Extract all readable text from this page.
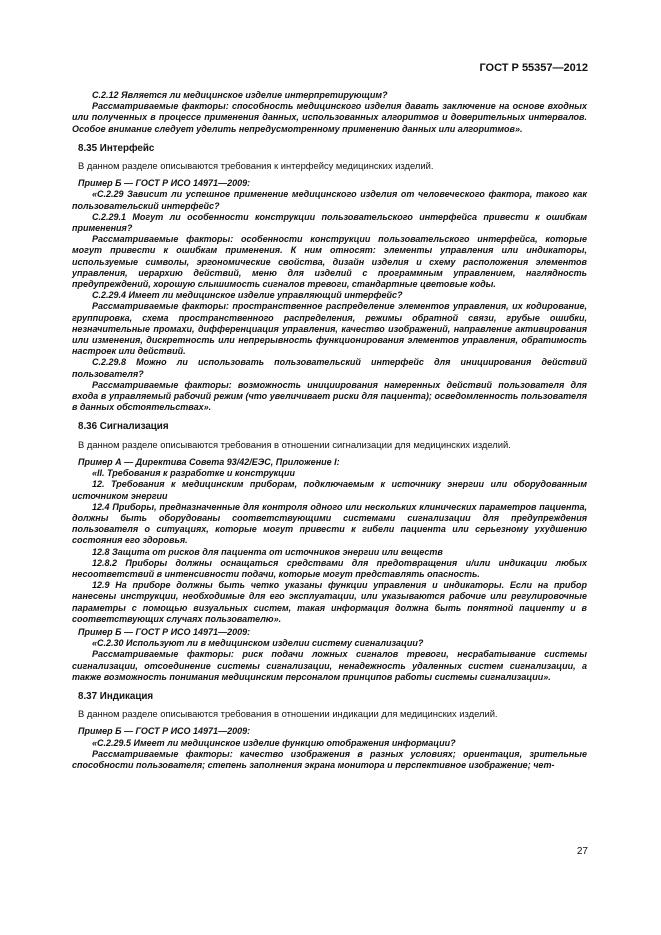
ГОСТ Р 55357—2012

С.2.12 Является ли медицинское изделие интерпретирующим?

Рассматриваемые факторы: способность медицинского изделия давать заключение на основе входных или полученных в процессе применения данных, использованных алгоритмов и доверительных интервалов. Особое внимание следует уделить непредусмотренному применению данных или алгоритмов».

8.35 Интерфейс

В данном разделе описываются требования к интерфейсу медицинских изделий.

Пример Б — ГОСТ Р ИСО 14971—2009:

«С.2.29 Зависит ли успешное применение медицинского изделия от человеческого фактора, такого как пользовательский интерфейс?

С.2.29.1 Могут ли особенности конструкции пользовательского интерфейса привести к ошибкам применения?

Рассматриваемые факторы: особенности конструкции пользовательского интерфейса, которые могут привести к ошибкам применения. К ним относят: элементы управления или индикаторы, используемые символы, эргономические свойства, дизайн изделия и схему расположения элементов управления, иерархию действий, меню для изделий с программным управлением, наглядность предупреждений, хорошую слышимость сигналов тревоги, стандартные цветовые коды.

С.2.29.4 Имеет ли медицинское изделие управляющий интерфейс?

Рассматриваемые факторы: пространственное распределение элементов управления, их кодирование, группировка, схема пространственного распределения, режимы обратной связи, грубые ошибки, незначительные промахи, дифференциация управления, качество изображений, направление активирования или изменения, дискретность или непрерывность функционирования элементов управления, обратимость настроек или действий.

С.2.29.8 Можно ли использовать пользовательский интерфейс для инициирования действий пользователя?

Рассматриваемые факторы: возможность инициирования намеренных действий пользователя для входа в управляемый рабочий режим (что увеличивает риски для пациента); осведомленность пользователя в данных обстоятельствах».

8.36 Сигнализация

В данном разделе описываются требования в отношении сигнализации для медицинских изделий.

Пример А — Директива Совета 93/42/ЕЭС, Приложение I:

«II. Требования к разработке и конструкции

12. Требования к медицинским приборам, подключаемым к источнику энергии или оборудованным источником энергии

12.4 Приборы, предназначенные для контроля одного или нескольких клинических параметров пациента, должны быть оборудованы соответствующими системами сигнализации для предупреждения пользователя о ситуациях, которые могут привести к гибели пациента или серьезному ухудшению состояния его здоровья.

12.8 Защита от рисков для пациента от источников энергии или веществ

12.8.2 Приборы должны оснащаться средствами для предотвращения и/или индикации любых несоответствий в интенсивности подачи, которые могут представлять опасность.

12.9 На приборе должны быть четко указаны функции управления и индикаторы. Если на прибор нанесены инструкции, необходимые для его эксплуатации, или указываются рабочие или регулировочные параметры с помощью визуальных систем, такая информация должна быть понятной пациенту и в соответствующих случаях пользователю».

Пример Б — ГОСТ Р ИСО 14971—2009:

«С.2.30 Используют ли в медицинском изделии систему сигнализации?

Рассматриваемые факторы: риск подачи ложных сигналов тревоги, несрабатывание системы сигнализации, отсоединение системы сигнализации, ненадежность удаленных систем сигнализации, а также возможность понимания медицинским персоналом принципов работы системы сигнализации».

8.37 Индикация

В данном разделе описываются требования в отношении индикации для медицинских изделий.

Пример Б — ГОСТ Р ИСО 14971—2009:

«С.2.29.5 Имеет ли медицинское изделие функцию отображения информации?

Рассматриваемые факторы: качество изображения в разных условиях; ориентация, зрительные способности пользователя; степень заполнения экрана монитора и перспективное изображение; чет-

27
